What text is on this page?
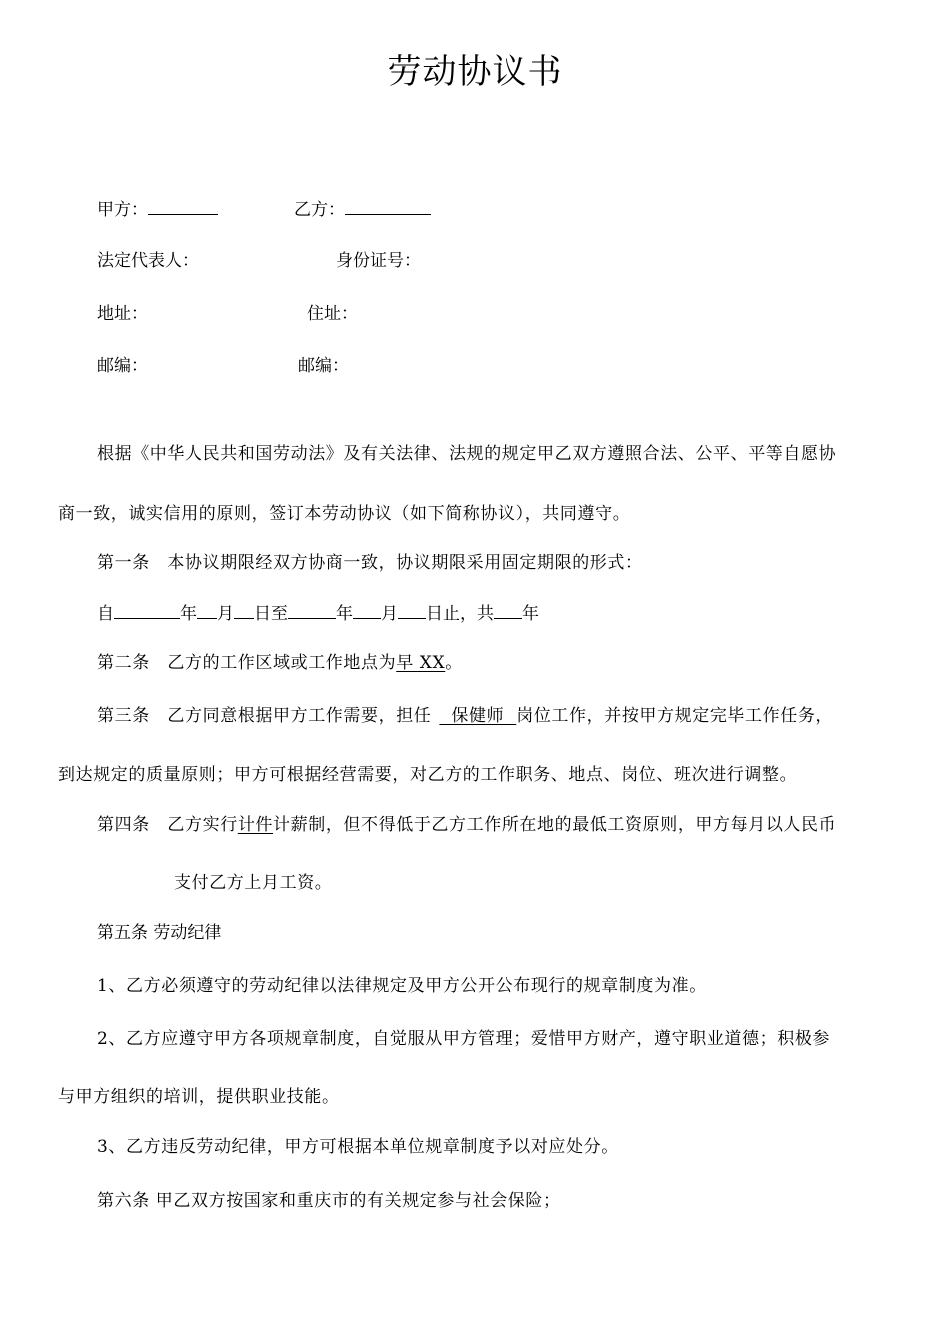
劳动协议书
甲方：	乙方：
法定代表人：	身份证号：
地址：	住址：
邮编：	邮编：
根据《中华人民共和国劳动法》及有关法律、法规的规定甲乙双方遵照合法、公平、平等自愿协
商一致，诚实信用的原则，签订本劳动协议（如下简称协议），共同遵守。
第一条　本协议期限经双方协商一致，协议期限采用固定期限的形式：
自	年 月 日至	年 月 日止，共 年
第二条　乙方的工作区域或工作地点为早 XX。
第三条　乙方同意根据甲方工作需要，担任  保健师  岗位工作，并按甲方规定完毕工作任务，
到达规定的质量原则；甲方可根据经营需要，对乙方的工作职务、地点、岗位、班次进行调整。
第四条　乙方实行计件计薪制，但不得低于乙方工作所在地的最低工资原则，甲方每月以人民币
支付乙方上月工资。
第五条 劳动纪律
1、乙方必须遵守的劳动纪律以法律规定及甲方公开公布现行的规章制度为准。
2、乙方应遵守甲方各项规章制度，自觉服从甲方管理；爱惜甲方财产，遵守职业道德；积极参
与甲方组织的培训，提供职业技能。
3、乙方违反劳动纪律，甲方可根据本单位规章制度予以对应处分。
第六条 甲乙双方按国家和重庆市的有关规定参与社会保险；
